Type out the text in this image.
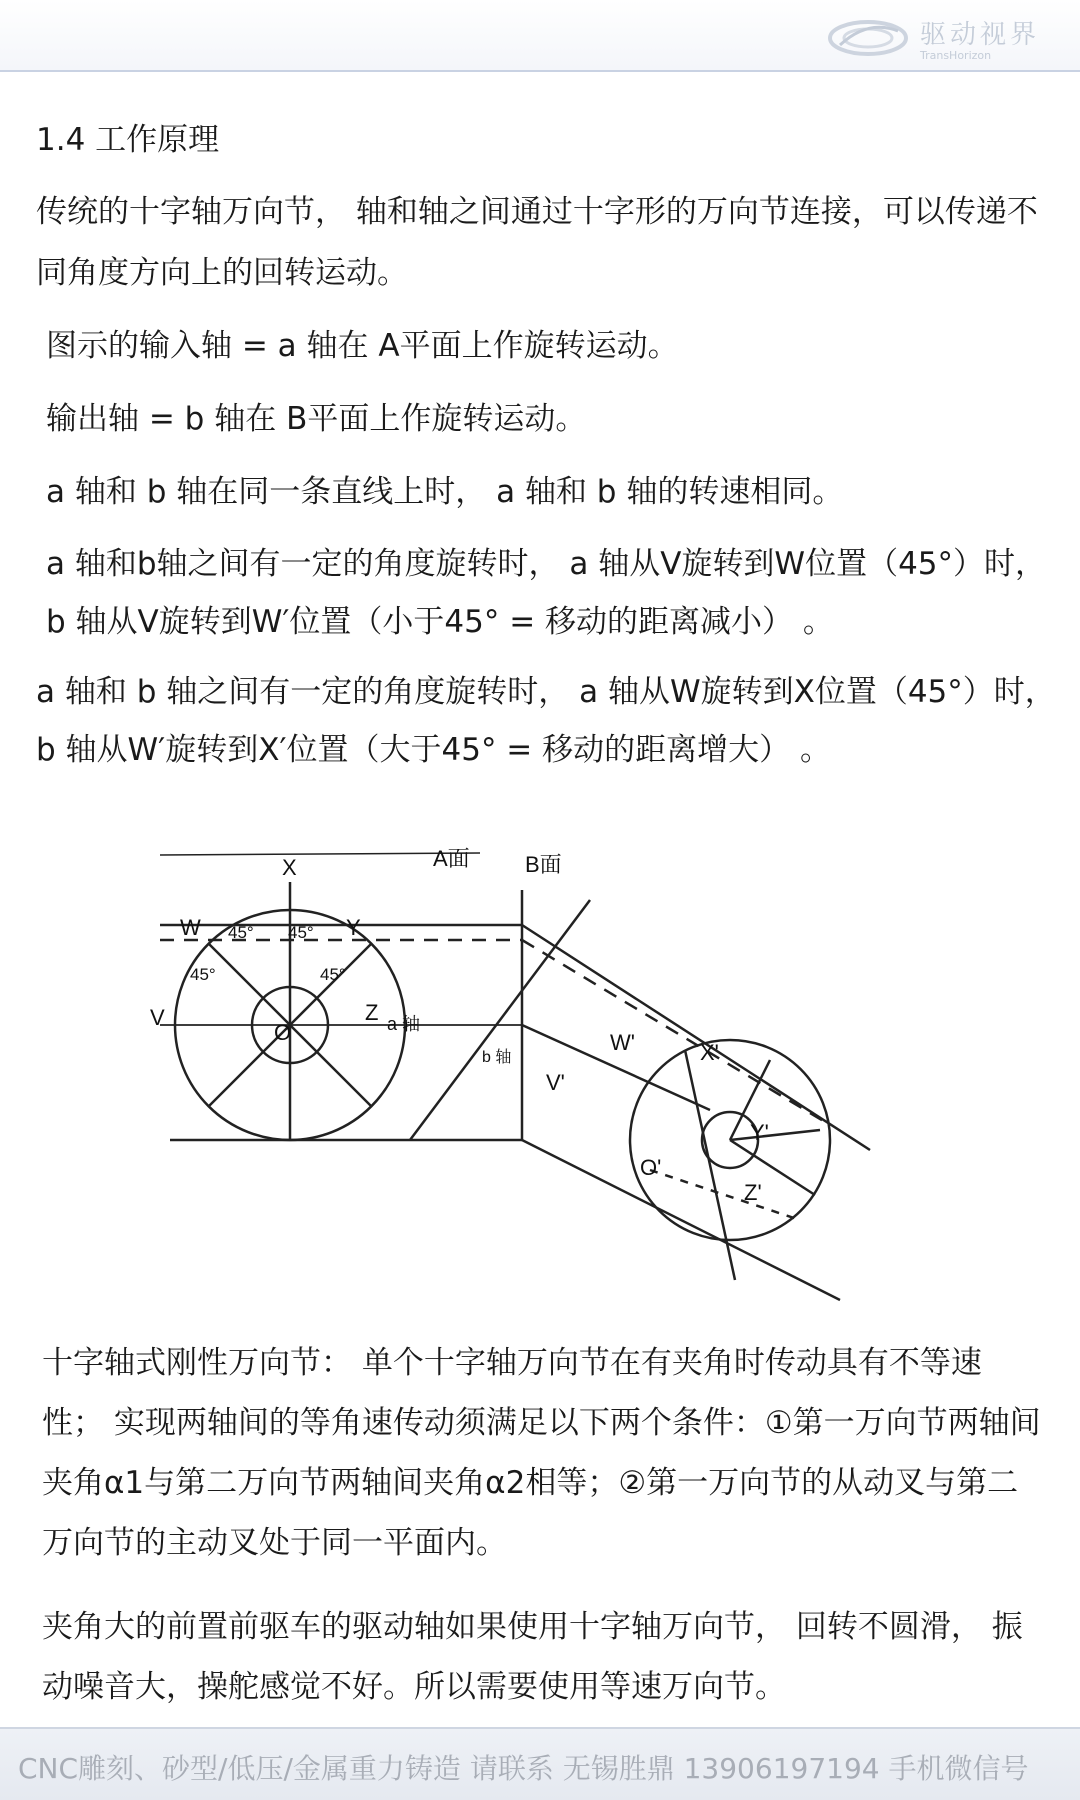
驱动视界
TransHorizon
1.4 工作原理
传统的十字轴万向节， 轴和轴之间通过十字形的万向节连接，可以传递不同角度方向上的回转运动。
图示的输入轴 = a 轴在 A平面上作旋转运动。
输出轴 = b 轴在 B平面上作旋转运动。
a 轴和 b 轴在同一条直线上时， a 轴和 b 轴的转速相同。
a 轴和b轴之间有一定的角度旋转时， a 轴从Ⅴ旋转到W位置（45°）时，b 轴从Ⅴ旋转到W′位置（小于45° = 移动的距离减小） 。
a 轴和 b 轴之间有一定的角度旋转时， a 轴从W旋转到X位置（45°）时，b 轴从W′旋转到X′位置（大于45° = 移动的距离增大） 。
A面	B面
X
W	Y
V	Z
O	a 轴
b 轴
W'	X'
V'
Y'
Z'
O'
45° 45°
45°	45°
十字轴式刚性万向节： 单个十字轴万向节在有夹角时传动具有不等速性； 实现两轴间的等角速传动须满足以下两个条件：①第一万向节两轴间夹角α1与第二万向节两轴间夹角α2相等；②第一万向节的从动叉与第二万向节的主动叉处于同一平面内。
夹角大的前置前驱车的驱动轴如果使用十字轴万向节， 回转不圆滑， 振动噪音大，操舵感觉不好。所以需要使用等速万向节。
CNC雕刻、砂型/低压/金属重力铸造 请联系 无锡胜鼎 13906197194 手机微信号
